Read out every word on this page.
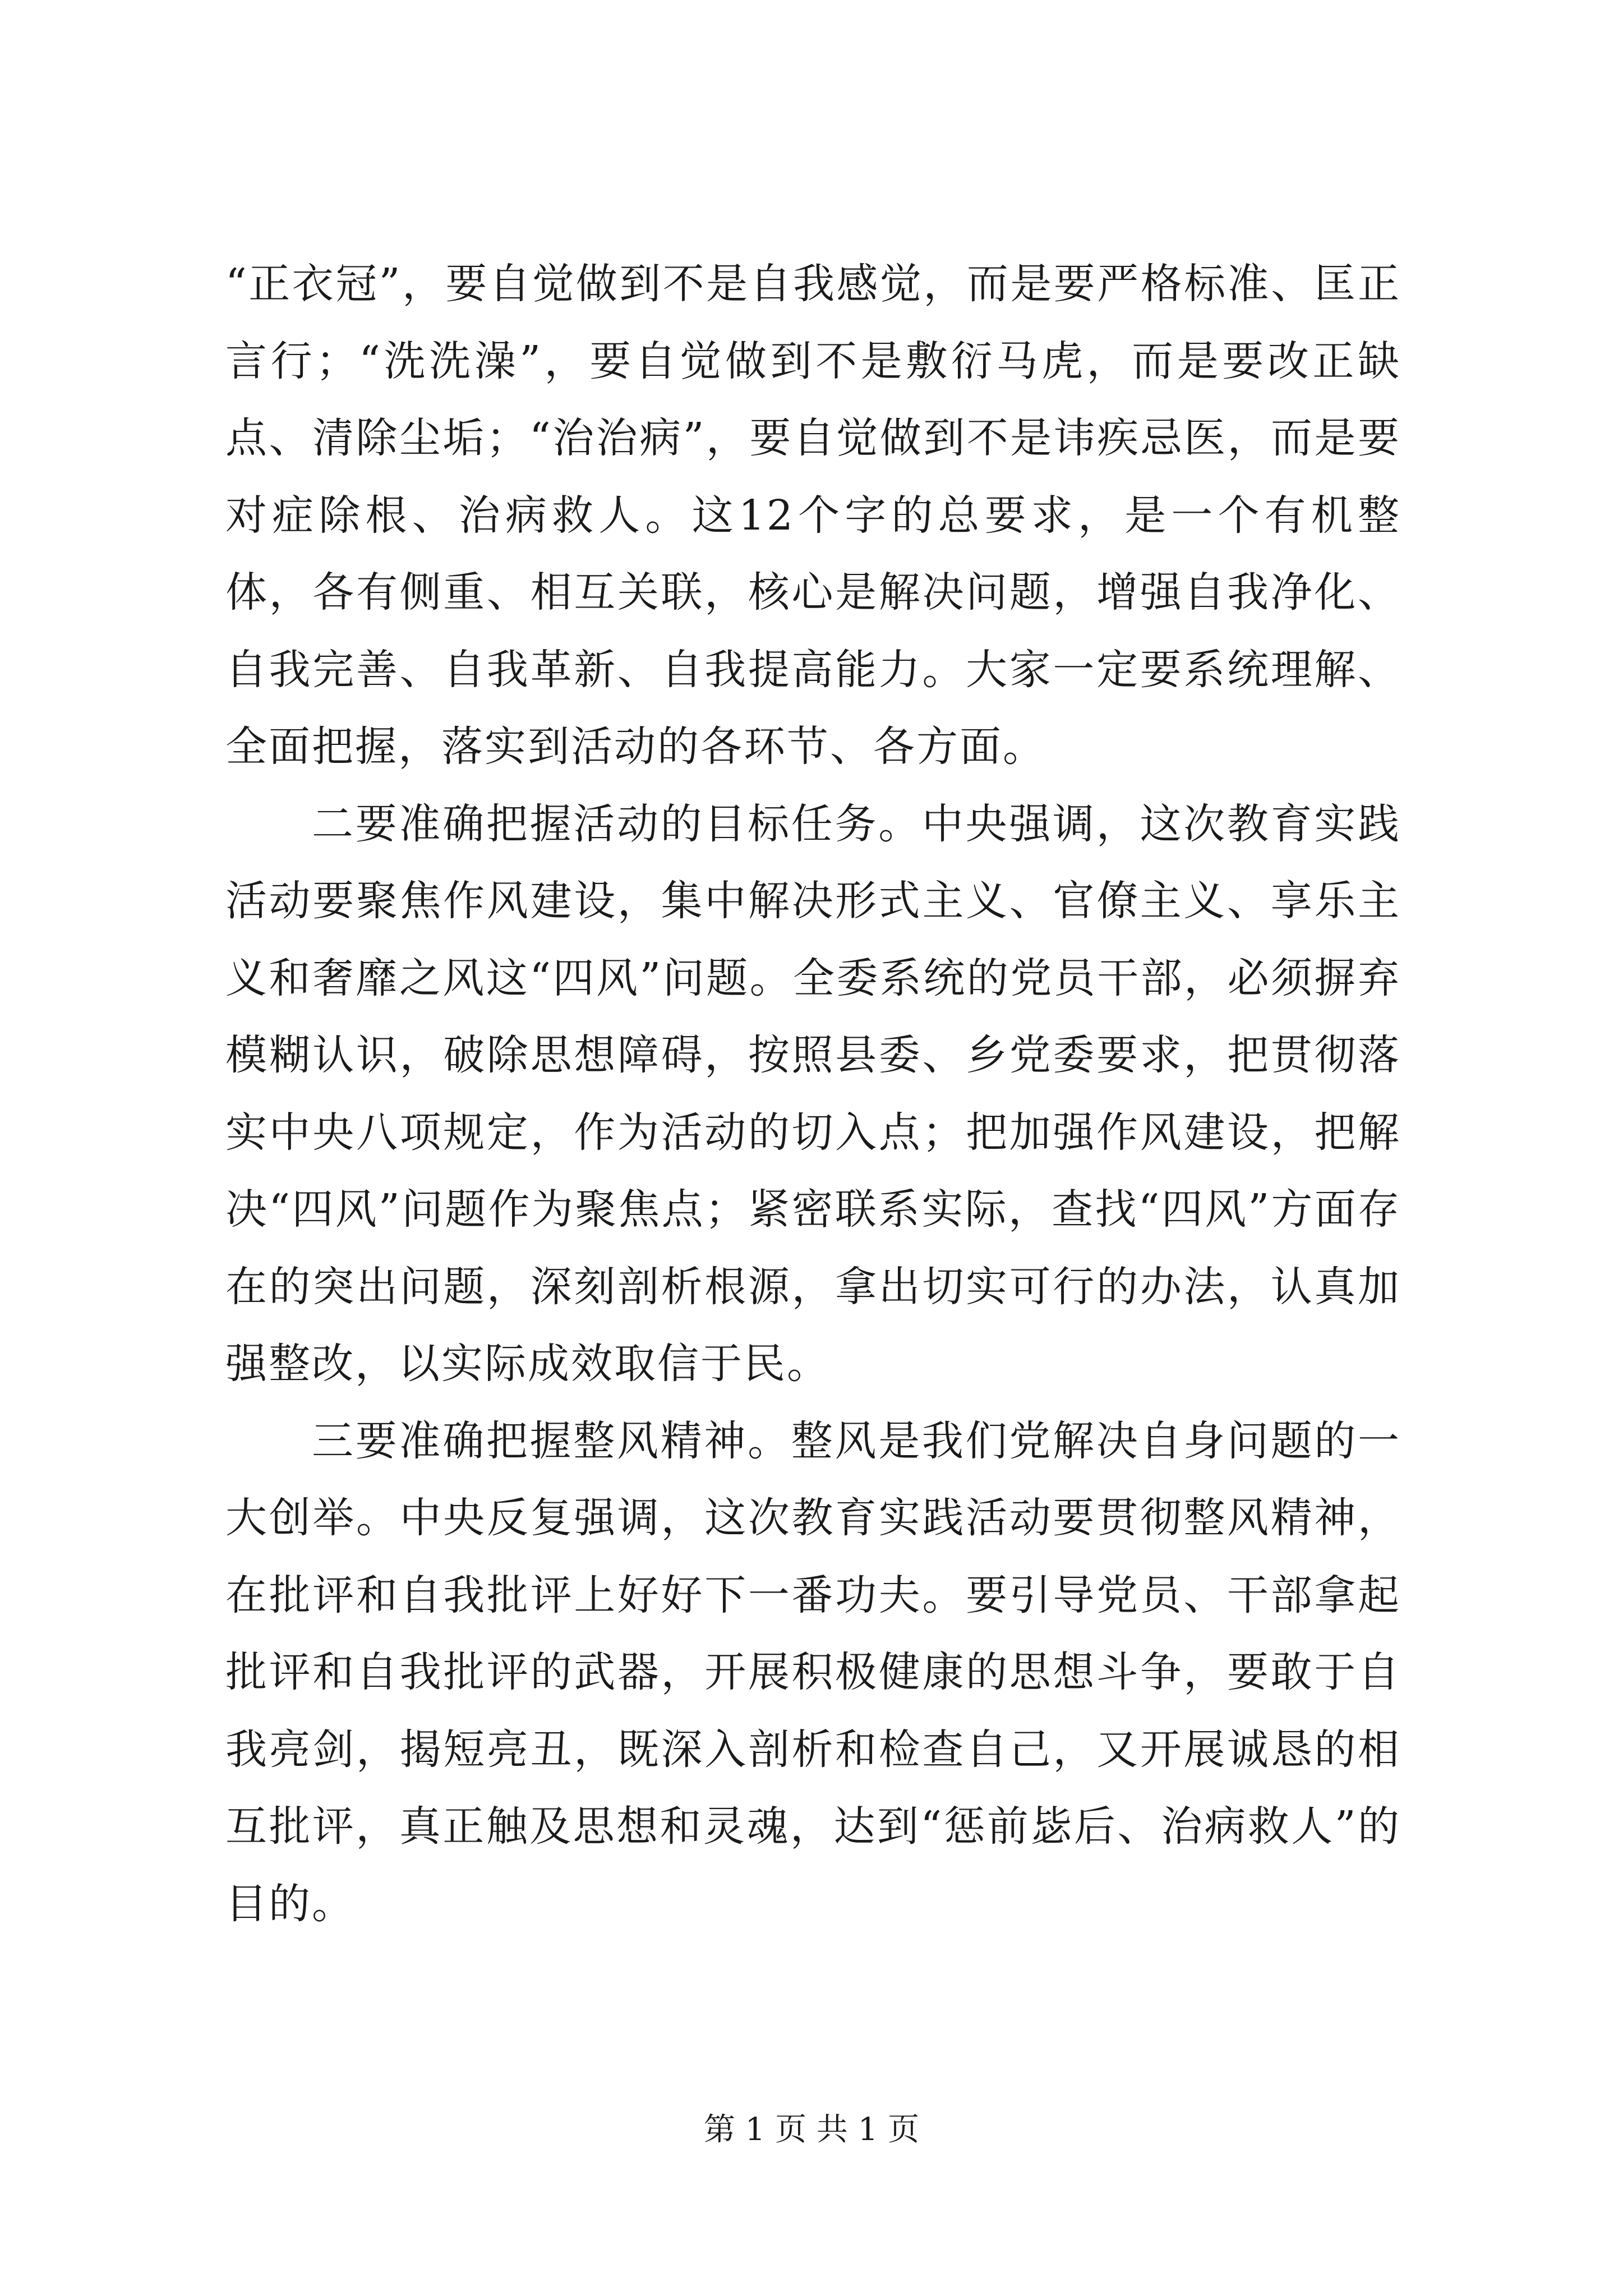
“正衣冠”，要自觉做到不是自我感觉，而是要严格标准、匡正言行；“洗洗澡”，要自觉做到不是敷衍马虎，而是要改正缺点、清除尘垢；“治治病”，要自觉做到不是讳疾忌医，而是要对症除根、治病救人。这12个字的总要求，是一个有机整体，各有侧重、相互关联，核心是解决问题，增强自我净化、自我完善、自我革新、自我提高能力。大家一定要系统理解、全面把握，落实到活动的各环节、各方面。

二要准确把握活动的目标任务。中央强调，这次教育实践活动要聚焦作风建设，集中解决形式主义、官僚主义、享乐主义和奢靡之风这“四风”问题。全委系统的党员干部，必须摒弃模糊认识，破除思想障碍，按照县委、乡党委要求，把贯彻落实中央八项规定，作为活动的切入点；把加强作风建设，把解决“四风”问题作为聚焦点；紧密联系实际，查找“四风”方面存在的突出问题，深刻剖析根源，拿出切实可行的办法，认真加强整改，以实际成效取信于民。

三要准确把握整风精神。整风是我们党解决自身问题的一大创举。中央反复强调，这次教育实践活动要贯彻整风精神，在批评和自我批评上好好下一番功夫。要引导党员、干部拿起批评和自我批评的武器，开展积极健康的思想斗争，要敢于自我亮剑，揭短亮丑，既深入剖析和检查自己，又开展诚恳的相互批评，真正触及思想和灵魂，达到“惩前毖后、治病救人”的目的。

第 1 页 共 1 页
